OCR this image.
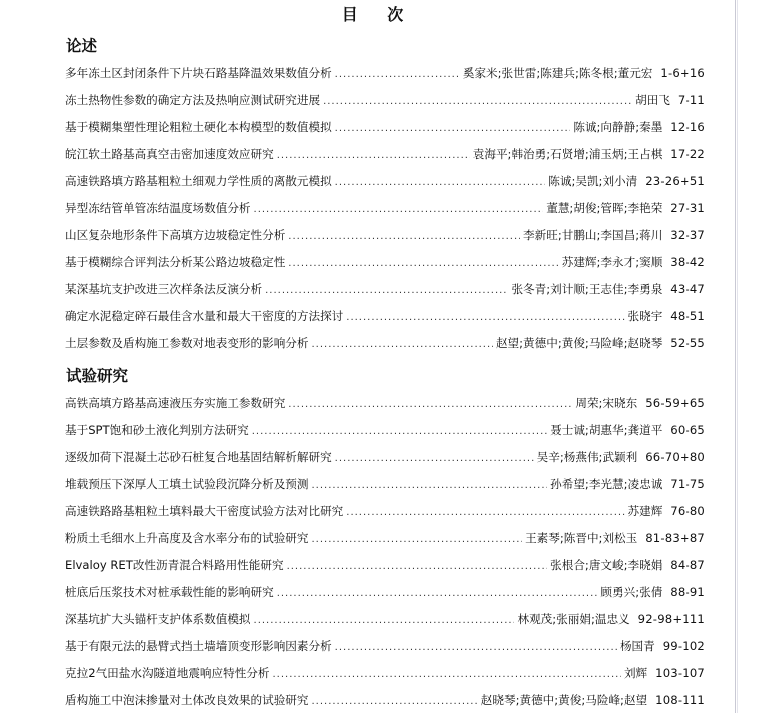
目 次
论述
多年冻土区封闭条件下片块石路基降温效果数值分析 .....	奚家米;张世雷;陈建兵;陈冬根;董元宏 1-6+16
冻土热物性参数的确定方法及热响应测试研究进展 .....	胡田飞 7-11
基于模糊集塑性理论粗粒土硬化本构模型的数值模拟 .....	陈诚;向静静;秦墨 12-16
皖江软土路基高真空击密加速度效应研究 .....	袁海平;韩治勇;石贤增;浦玉炳;王占棋 17-22
高速铁路填方路基粗粒土细观力学性质的离散元模拟 .....	陈诚;吴凯;刘小清 23-26+51
异型冻结管单管冻结温度场数值分析 .....	董慧;胡俊;管晖;李艳荣 27-31
山区复杂地形条件下高填方边坡稳定性分析 .....	李新旺;甘鹏山;李国昌;蒋川 32-37
基于模糊综合评判法分析某公路边坡稳定性 .....	苏建辉;李永才;窦顺 38-42
某深基坑支护改进三次样条法反演分析 .....	张冬青;刘计顺;王志佳;李勇泉 43-47
确定水泥稳定碎石最佳含水量和最大干密度的方法探讨 .....	张晓宇 48-51
土层参数及盾构施工参数对地表变形的影响分析 .....	赵望;黄德中;黄俊;马险峰;赵晓琴 52-55
试验研究
高铁高填方路基高速液压夯实施工参数研究 .....	周荣;宋晓东 56-59+65
基于SPT饱和砂土液化判别方法研究 .....	聂士诚;胡惠华;龚道平 60-65
逐级加荷下混凝土芯砂石桩复合地基固结解析解研究 .....	吴辛;杨燕伟;武颖利 66-70+80
堆载预压下深厚人工填土试验段沉降分析及预测 .....	孙希望;李光慧;凌忠诚 71-75
高速铁路路基粗粒土填料最大干密度试验方法对比研究 .....	苏建辉 76-80
粉质土毛细水上升高度及含水率分布的试验研究 .....	王素琴;陈晋中;刘松玉 81-83+87
Elvaloy RET改性沥青混合料路用性能研究 .....	张根合;唐文峻;李晓娟 84-87
桩底后压浆技术对桩承载性能的影响研究 .....	顾勇兴;张倩 88-91
深基坑扩大头锚杆支护体系数值模拟 .....	林观茂;张丽娟;温忠义 92-98+111
基于有限元法的悬臂式挡土墙墙顶变形影响因素分析 .....	杨国青 99-102
克拉2气田盐水沟隧道地震响应特性分析 .....	刘辉 103-107
盾构施工中泡沫掺量对土体改良效果的试验研究 .....	赵晓琴;黄德中;黄俊;马险峰;赵望 108-111
